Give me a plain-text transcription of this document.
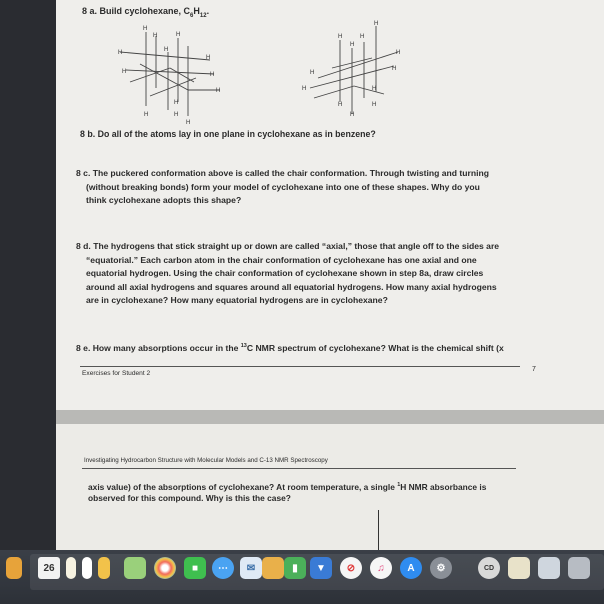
8 a. Build cyclohexane, $C_6H_{12}$.
H
H	H
H	H
H
H	H
H
H
H
H
H
H
H	H
H
H
H
H
H	H
H	H
H
8 b. Do all of the atoms lay in one plane in cyclohexane as in benzene?
8 c. The puckered conformation above is called the chair conformation. Through twisting and turning
(without breaking bonds) form your model of cyclohexane into one of these shapes. Why do you
think cyclohexane adopts this shape?
8 d. The hydrogens that stick straight up or down are called “axial,” those that angle off to the sides are
“equatorial.” Each carbon atom in the chair conformation of cyclohexane has one axial and one
equatorial hydrogen. Using the chair conformation of cyclohexane shown in step 8a, draw circles
around all axial hydrogens and squares around all equatorial hydrogens. How many axial hydrogens
are in cyclohexane? How many equatorial hydrogens are in cyclohexane?
8 e. How many absorptions occur in the $^{13}$C NMR spectrum of cyclohexane? What is the chemical shift (x
Exercises for Student 2
7
Investigating Hydrocarbon Structure with Molecular Models and C-13 NMR Spectroscopy
axis value) of the absorptions of cyclohexane? At room temperature, a single $^1$H NMR absorbance is
observed for this compound. Why is this the case?
26	■	⋯	✉	▮	▼	⊘	♫	A	⚙	CD
